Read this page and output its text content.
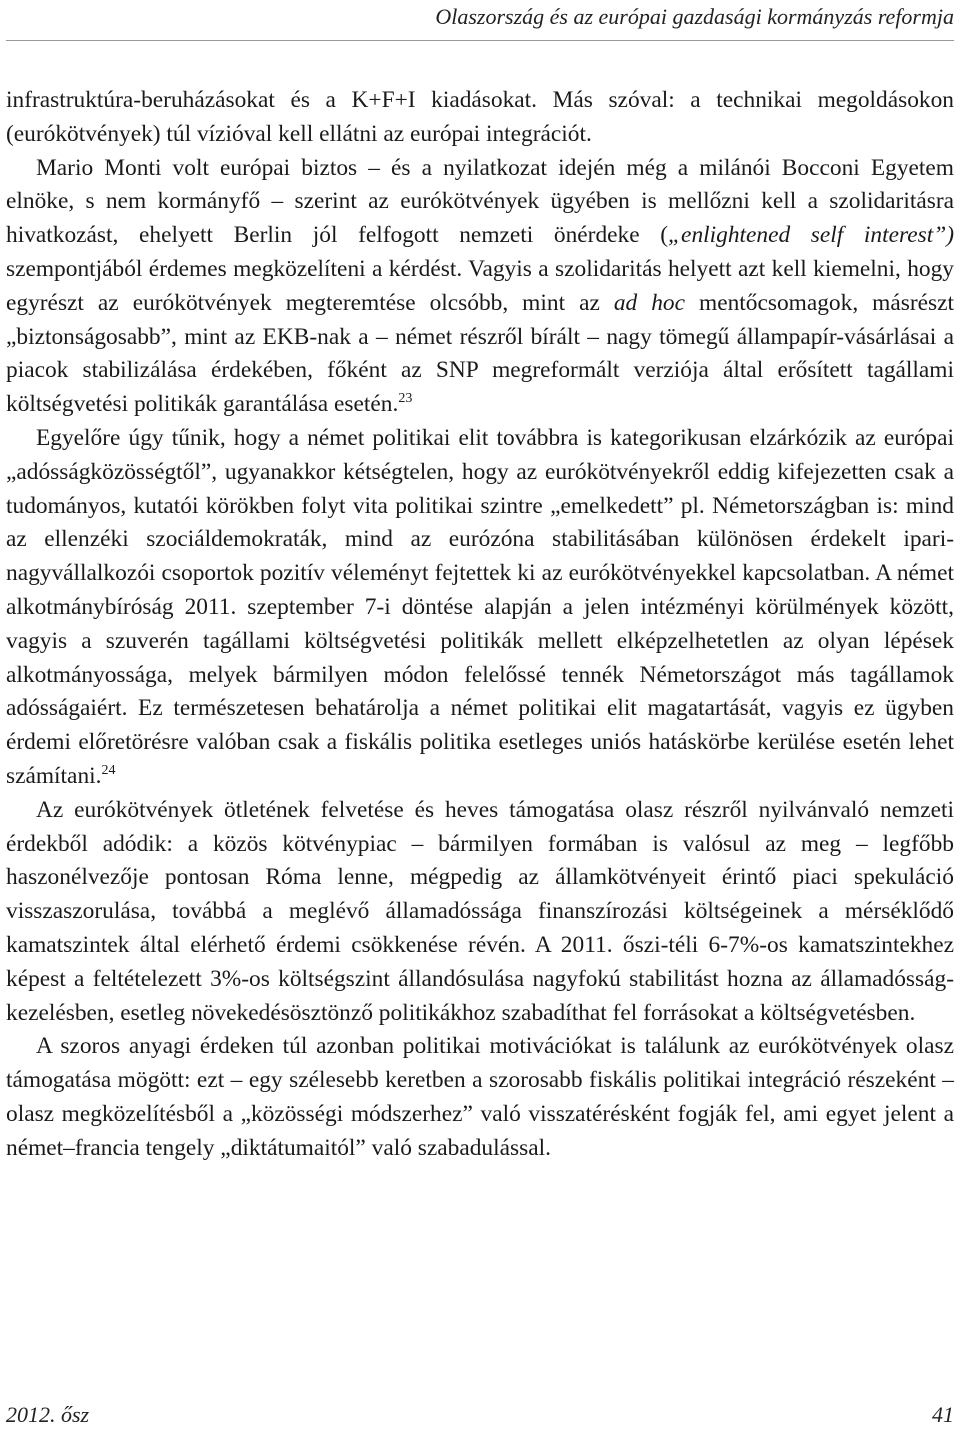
Olaszország és az európai gazdasági kormányzás reformja

infrastruktúra-beruházásokat és a K+F+I kiadásokat. Más szóval: a technikai megoldásokon (eurókötvények) túl vízióval kell ellátni az európai integrációt.

Mario Monti volt európai biztos – és a nyilatkozat idején még a milánói Bocconi Egyetem elnöke, s nem kormányfő – szerint az eurókötvények ügyében is mellőzni kell a szolidaritásra hivatkozást, ehelyett Berlin jól felfogott nemzeti önérdeke („enlightened self interest”) szempontjából érdemes megközelíteni a kérdést. Vagyis a szolidaritás helyett azt kell kiemelni, hogy egyrészt az eurókötvények megteremtése olcsóbb, mint az ad hoc mentőcsomagok, másrészt „biztonságosabb”, mint az EKB-nak a – német részről bírált – nagy tömegű állampapír-vásárlásai a piacok stabilizálása érdekében, főként az SNP megreformált verziója által erősített tagállami költségvetési politikák garantálása esetén.$^{23}$

Egyelőre úgy tűnik, hogy a német politikai elit továbbra is kategorikusan elzárkózik az európai „adósságközösségtől”, ugyanakkor kétségtelen, hogy az eurókötvényekről eddig kifejezetten csak a tudományos, kutatói körökben folyt vita politikai szintre „emelkedett” pl. Németországban is: mind az ellenzéki szociáldemokraták, mind az eurózóna stabilitásában különösen érdekelt ipari-nagyvállalkozói csoportok pozitív véleményt fejtettek ki az eurókötvényekkel kapcsolatban. A német alkotmánybíróság 2011. szeptember 7-i döntése alapján a jelen intézményi körülmények között, vagyis a szuverén tagállami költségvetési politikák mellett elképzelhetetlen az olyan lépések alkotmányossága, melyek bármilyen módon felelőssé tennék Németországot más tagállamok adósságaiért. Ez természetesen behatárolja a német politikai elit magatartását, vagyis ez ügyben érdemi előretörésre valóban csak a fiskális politika esetleges uniós hatáskörbe kerülése esetén lehet számítani.$^{24}$

Az eurókötvények ötletének felvetése és heves támogatása olasz részről nyilvánvaló nemzeti érdekből adódik: a közös kötvénypiac – bármilyen formában is valósul az meg – legfőbb haszonélvezője pontosan Róma lenne, mégpedig az államkötvényeit érintő piaci spekuláció visszaszorulása, továbbá a meglévő államadóssága finanszírozási költségeinek a mérséklődő kamatszintek által elérhető érdemi csökkenése révén. A 2011. őszi-téli 6-7%-os kamatszintekhez képest a feltételezett 3%-os költségszint állandósulása nagyfokú stabilitást hozna az államadósság-kezelésben, esetleg növekedésösztönző politikákhoz szabadíthat fel forrásokat a költségvetésben.

A szoros anyagi érdeken túl azonban politikai motivációkat is találunk az eurókötvények olasz támogatása mögött: ezt – egy szélesebb keretben a szorosabb fiskális politikai integráció részeként – olasz megközelítésből a „közösségi módszerhez” való visszatérésként fogják fel, ami egyet jelent a német–francia tengely „diktátumaitól” való szabadulással.

2012. ősz	41
